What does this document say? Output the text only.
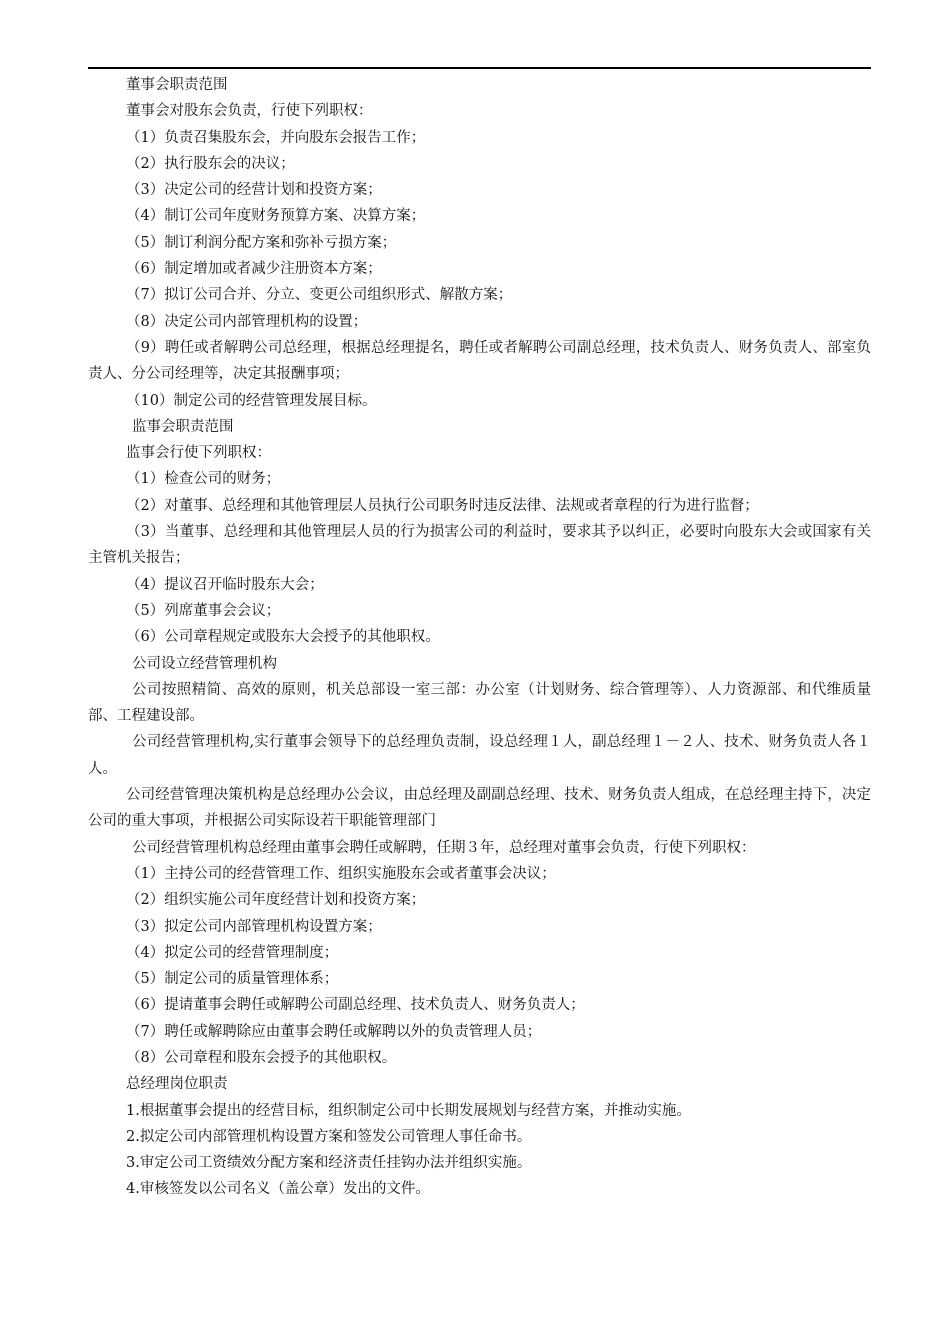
董事会职责范围

董事会对股东会负责，行使下列职权：

（1）负责召集股东会，并向股东会报告工作；

（2）执行股东会的决议；

（3）决定公司的经营计划和投资方案；

（4）制订公司年度财务预算方案、决算方案；

（5）制订利润分配方案和弥补亏损方案；

（6）制定增加或者减少注册资本方案；

（7）拟订公司合并、分立、变更公司组织形式、解散方案；

（8）决定公司内部管理机构的设置；

（9）聘任或者解聘公司总经理，根据总经理提名，聘任或者解聘公司副总经理，技术负责人、财务负责人、部室负责人、分公司经理等，决定其报酬事项；

（10）制定公司的经营管理发展目标。

监事会职责范围

监事会行使下列职权：

（1）检查公司的财务；

（2）对董事、总经理和其他管理层人员执行公司职务时违反法律、法规或者章程的行为进行监督；

（3）当董事、总经理和其他管理层人员的行为损害公司的利益时，要求其予以纠正，必要时向股东大会或国家有关主管机关报告；

（4）提议召开临时股东大会；

（5）列席董事会会议；

（6）公司章程规定或股东大会授予的其他职权。

公司设立经营管理机构

公司按照精简、高效的原则，机关总部设一室三部：办公室（计划财务、综合管理等）、人力资源部、和代维质量部、工程建设部。

公司经营管理机构,实行董事会领导下的总经理负责制，设总经理１人，副总经理１－２人、技术、财务负责人各１人。

公司经营管理决策机构是总经理办公会议，由总经理及副副总经理、技术、财务负责人组成，在总经理主持下，决定公司的重大事项，并根据公司实际设若干职能管理部门

公司经营管理机构总经理由董事会聘任或解聘，任期３年，总经理对董事会负责，行使下列职权：

（1）主持公司的经营管理工作、组织实施股东会或者董事会决议；

（2）组织实施公司年度经营计划和投资方案；

（3）拟定公司内部管理机构设置方案；

（4）拟定公司的经营管理制度；

（5）制定公司的质量管理体系；

（6）提请董事会聘任或解聘公司副总经理、技术负责人、财务负责人；

（7）聘任或解聘除应由董事会聘任或解聘以外的负责管理人员；

（8）公司章程和股东会授予的其他职权。

总经理岗位职责

1.根据董事会提出的经营目标，组织制定公司中长期发展规划与经营方案，并推动实施。

2.拟定公司内部管理机构设置方案和签发公司管理人事任命书。

3.审定公司工资绩效分配方案和经济责任挂钩办法并组织实施。

4.审核签发以公司名义（盖公章）发出的文件。
